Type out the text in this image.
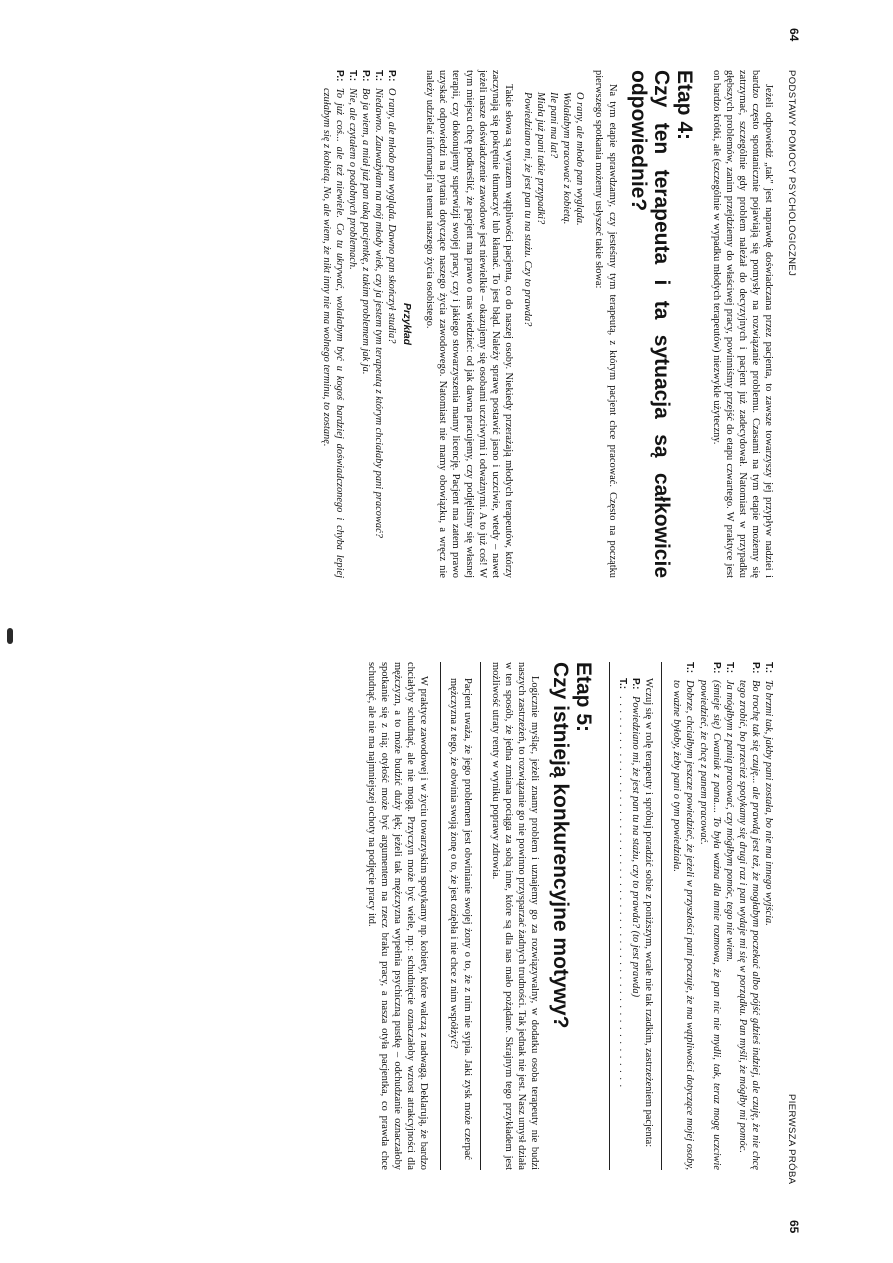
PODSTAWY POMOCY PSYCHOLOGICZNEJ
64

Jeżeli odpowiedź „tak" jest naprawdę doświadczana przez pacjenta, to zawsze towarzyszy jej przypływ nadziei i bardzo często spontanicznie pojawiają się pomysły na rozwiązanie problemu. Czasami na tym etapie możemy się zatrzymać, szczególnie gdy problem należał do decyzyjnych i pacjent już zadecydował. Natomiast w przypadku głębszych problemów, zanim przejdziemy do właściwej pracy, powinniśmy przejść do etapu czwartego. W praktyce jest on bardzo krótki, ale (szczególnie w wypadku młodych terapeutów) niezwykle użyteczny.

Etap 4:
Czy ten terapeuta i ta sytuacja są całkowicie odpowiednie?

Na tym etapie sprawdzamy, czy jesteśmy tym terapeutą, z którym pacjent chce pracować. Często na początku pierwszego spotkania możemy usłyszeć takie słowa:

O rany, ale młodo pan wygląda.
Wolałabym pracować z kobietą.
Ile pani ma lat?
Miała już pani takie przypadki?
Powiedziano mi, że jest pan tu na stażu. Czy to prawda?

Takie słowa są wyrazem wątpliwości pacjenta, co do naszej osoby. Niekiedy przerażają młodych terapeutów, którzy zaczynają się pokrętnie tłumaczyć lub kłamać. To jest błąd. Należy sprawę postawić jasno i uczciwie, wtedy – nawet jeżeli nasze doświadczenie zawodowe jest niewielkie – okazujemy się osobami uczciwymi i odważnymi. A to już coś! W tym miejscu chcę podkreślić, że pacjent ma prawo o nas wiedzieć: od jak dawna pracujemy, czy podjęliśmy się własnej terapii, czy dokonujemy superwizji swojej pracy, czy i jakiego stowarzyszenia mamy licencję. Pacjent ma zatem prawo uzyskać odpowiedzi na pytania dotyczące naszego życia zawodowego. Natomiast nie mamy obowiązku, a wręcz nie należy udzielać informacji na temat naszego życia osobistego.

Przykład
P.:
O rany, ale młodo pan wygląda. Dawno pan skończył studia?
T.:
Niedawno. Zauważyłam na mój młody wiek, czy ja jestem tym terapeutą z którym chciałaby pani pracować?
P.:
Bo ja wiem, a miał już pan taką pacjentkę, z takim problemem jak ja.
T.:
Nie, ale czytałem o podobnych problemach.
P.:
To już coś... ale też niewiele. Co tu ukrywać, wolałabym być u kogoś bardziej doświadczonego i chyba lepiej czułabym się z kobietą. No, ale wiem, że nikt inny nie ma wolnego terminu, to zostanę.
PIERWSZA PRÓBA
65
T.:
To brzmi tak, jakby pani została, bo nie ma innego wyjścia.
P.:
Bo trochę tak się czuję... ale prawdą jest też, że mogłabym poczekać albo pójść gdzieś indziej, ale czuję, że nie chcę tego zrobić, bo przecież spotykamy się drugi raz i pan wydaje mi się w porządku. Pan myśli, że mógłby mi pomóc.
T.:
Ja mógłbym z panią pracować, czy mógłbym pomóc, tego nie wiem.
P.:
(śmieje się) Cwaniak z pana.... To była ważna dla mnie rozmowa, że pan nic nie mydli, tak, teraz mogę uczciwie powiedzieć, że chcę z panem pracować.
T.:
Dobrze, chciałbym jeszcze powiedzieć, że jeżeli w przyszłości pani poczuje, że ma wątpliwości dotyczące mojej osoby, to ważne byłoby, żeby pani o tym powiedziała.

Wczuj się w rolę terapeuty i spróbuj poradzić sobie z poniższym, wcale nie tak rzadkim, zastrzeżeniem pacjenta:

P.:
Powiedziano mi, że jest pan tu na stażu, czy to prawda? (to jest prawda)
T.:
. . . . . . . . . . . . . . . . . . . . . . . . . . . . . . . . . . . . . . . . . . . . . . . . . . . . . . .
Etap 5:
Czy istnieją konkurencyjne motywy?

Logicznie myśląc, jeżeli znamy problem i uznajemy go za rozwiązywalny, w dodatku osoba terapeuty nie budzi naszych zastrzeżeń, to rozwiązanie go nie powinno przysparzać żadnych trudności. Tak jednak nie jest. Nasz umysł działa w ten sposób, że jedna zmiana pociąga za sobą inne, które są dla nas mało pożądane. Skrajnym tego przykładem jest możliwość utraty renty w wyniku poprawy zdrowia.

Pacjent uważa, że jego problemem jest obwinianie swojej żony o to, że z nim nie sypia. Jaki zysk może czerpać mężczyzna z tego, że obwinia swoją żonę o to, że jest oziębła i nie chce z nim współżyć?

W praktyce zawodowej i w życiu towarzyskim spotykamy np. kobiety, które walczą z nadwagą. Deklarują, że bardzo chciałyby schudnąć, ale nie mogą. Przyczyn może być wiele, np.: schudnięcie oznaczałoby wzrost atrakcyjności dla mężczyzn, a to może budzić duży lęk; jeżeli tak mężczyzna wypełnia psychiczną pustkę – odchudzanie oznaczałoby spotkanie się z nią; otyłość może być argumentem na rzecz braku pracy, a nasza otyła pacjentka, co prawda chce schudnąć, ale nie ma najmniejszej ochoty na podjęcie pracy itd.
